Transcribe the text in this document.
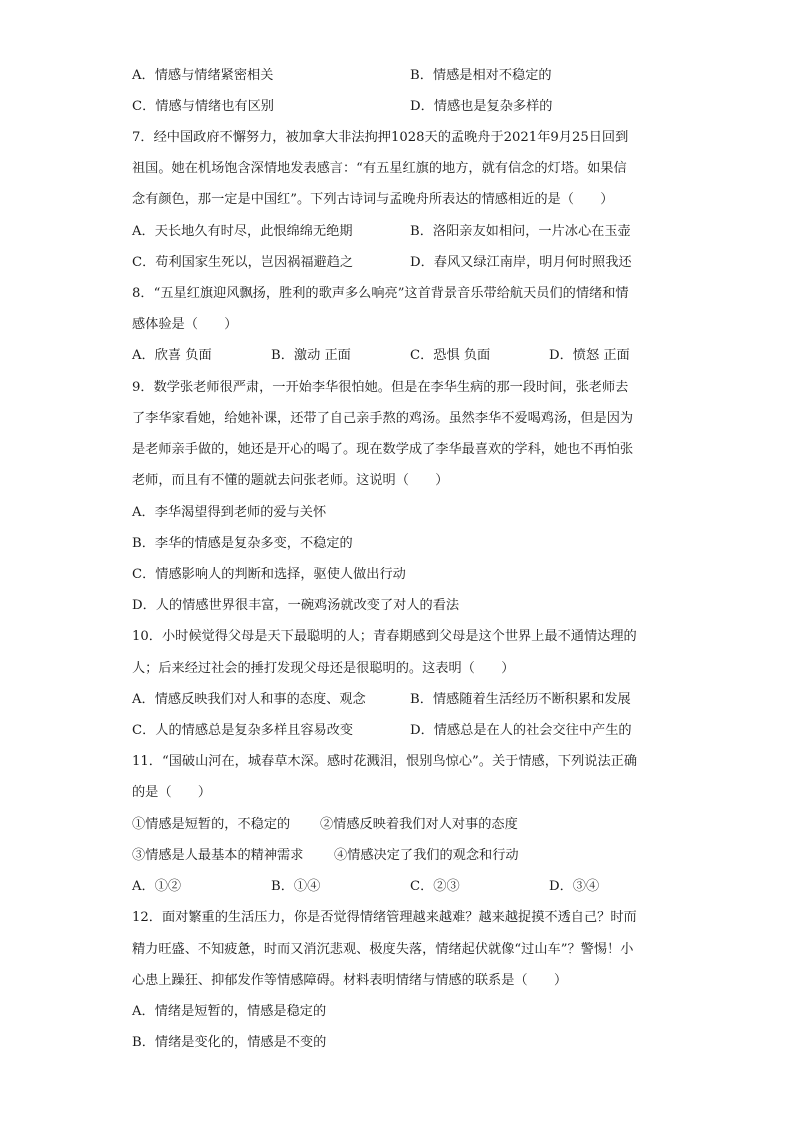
A．情感与情绪紧密相关	B．情感是相对不稳定的
C．情感与情绪也有区别	D．情感也是复杂多样的
7．经中国政府不懈努力，被加拿大非法拘押1028天的孟晚舟于2021年9月25日回到
祖国。她在机场饱含深情地发表感言：“有五星红旗的地方，就有信念的灯塔。如果信
念有颜色，那一定是中国红”。下列古诗词与孟晚舟所表达的情感相近的是（　　）
A．天长地久有时尽，此恨绵绵无绝期	B．洛阳亲友如相问，一片冰心在玉壶
C．苟利国家生死以，岂因祸福避趋之	D．春风又绿江南岸，明月何时照我还
8．“五星红旗迎风飘扬，胜利的歌声多么响亮”这首背景音乐带给航天员们的情绪和情
感体验是（　　）
A．欣喜 负面	B．激动 正面	C．恐惧 负面	D．愤怒 正面
9．数学张老师很严肃，一开始李华很怕她。但是在李华生病的那一段时间，张老师去
了李华家看她，给她补课，还带了自己亲手熬的鸡汤。虽然李华不爱喝鸡汤，但是因为
是老师亲手做的，她还是开心的喝了。现在数学成了李华最喜欢的学科，她也不再怕张
老师，而且有不懂的题就去问张老师。这说明（　　）
A．李华渴望得到老师的爱与关怀
B．李华的情感是复杂多变，不稳定的
C．情感影响人的判断和选择，驱使人做出行动
D．人的情感世界很丰富，一碗鸡汤就改变了对人的看法
10．小时候觉得父母是天下最聪明的人；青春期感到父母是这个世界上最不通情达理的
人；后来经过社会的捶打发现父母还是很聪明的。这表明（　　）
A．情感反映我们对人和事的态度、观念	B．情感随着生活经历不断积累和发展
C．人的情感总是复杂多样且容易改变	D．情感总是在人的社会交往中产生的
11．“国破山河在，城春草木深。感时花溅泪，恨别鸟惊心”。关于情感，下列说法正确
的是（　　）
①情感是短暂的，不稳定的 ②情感反映着我们对人对事的态度
③情感是人最基本的精神需求 ④情感决定了我们的观念和行动
A．①②	B．①④	C．②③	D．③④
12．面对繁重的生活压力，你是否觉得情绪管理越来越难？越来越捉摸不透自己？时而
精力旺盛、不知疲惫，时而又消沉悲观、极度失落，情绪起伏就像“过山车”？警惕！小
心患上躁狂、抑郁发作等情感障碍。材料表明情绪与情感的联系是（　　）
A．情绪是短暂的，情感是稳定的
B．情绪是变化的，情感是不变的
